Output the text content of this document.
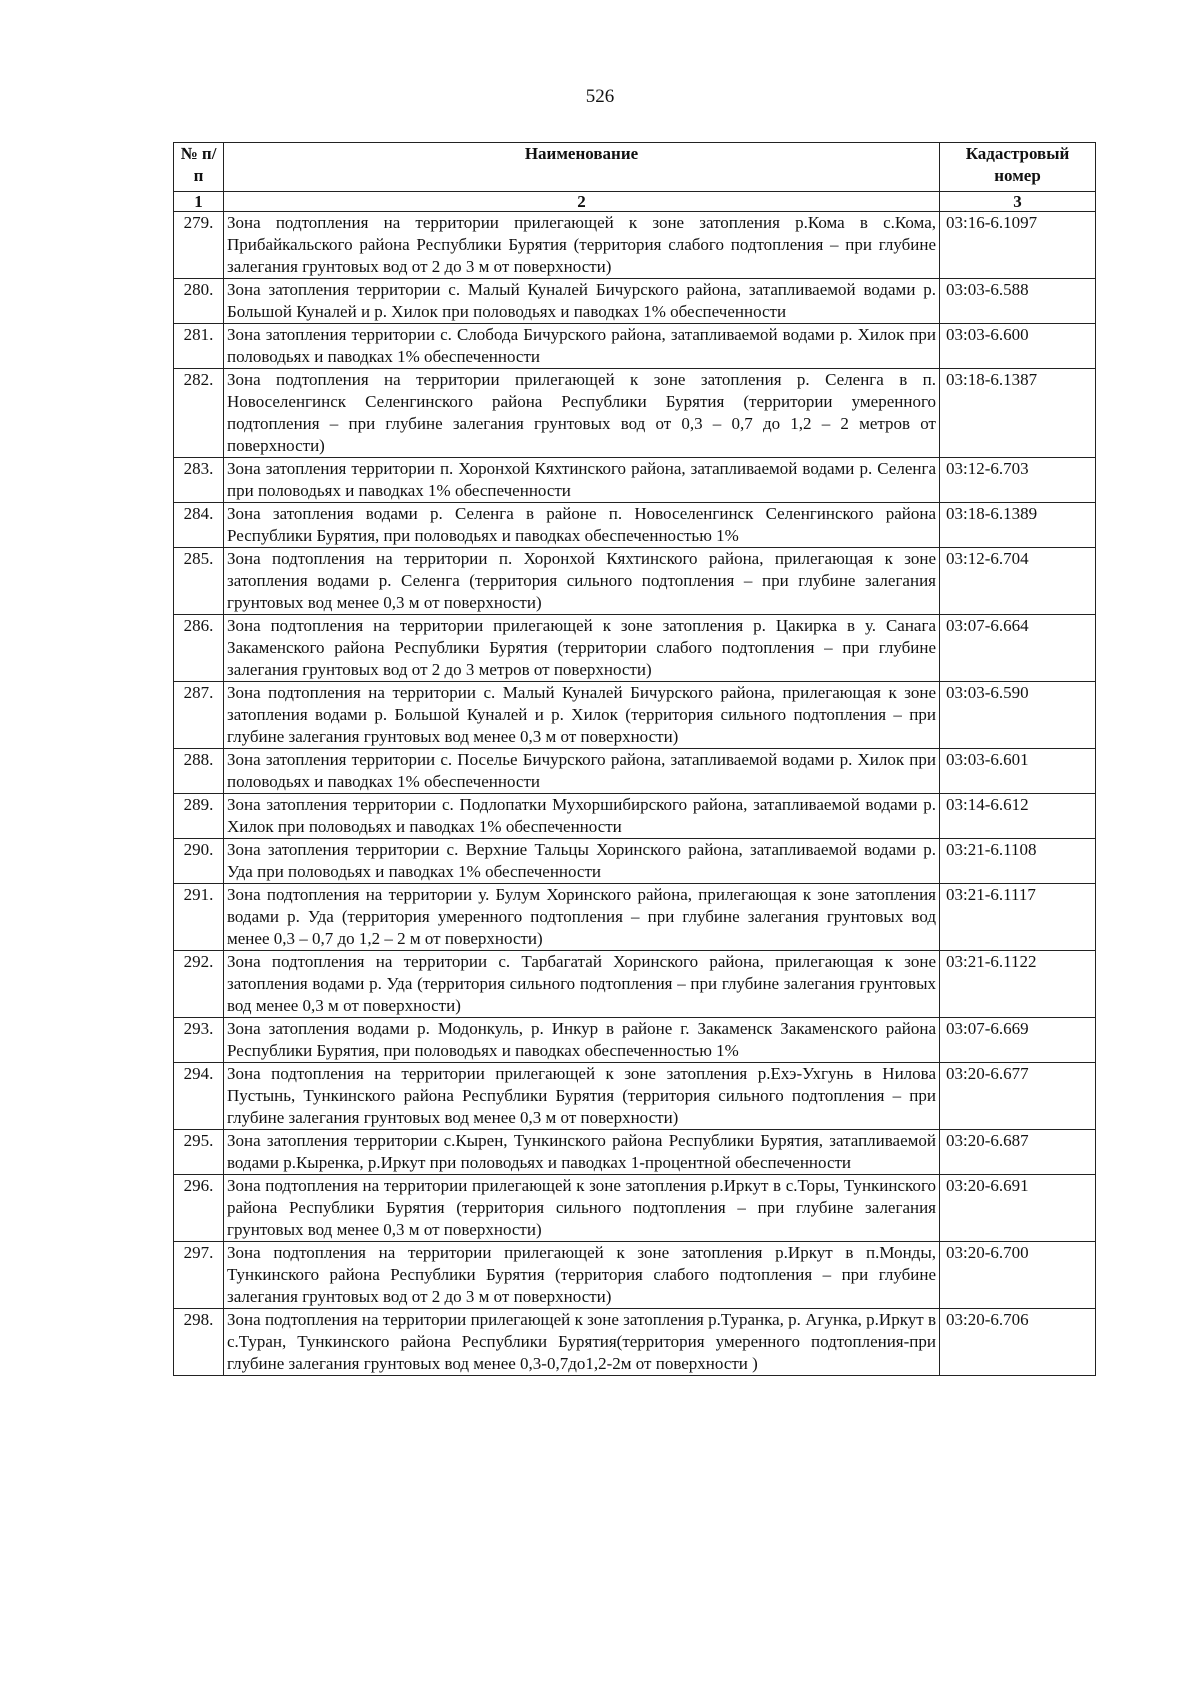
526
№ п/п	Наименование	Кадастровый номер
1	2	3
279.	Зона подтопления на территории прилегающей к зоне затопления р.Кома в с.Кома, Прибайкальского района Республики Бурятия (территория слабого подтопления – при глубине залегания грунтовых вод от 2 до 3 м от поверхности)	03:16-6.1097
280.	Зона затопления территории с. Малый Куналей Бичурского района, затапливаемой водами р. Большой Куналей и р. Хилок при половодьях и паводках 1% обеспеченности	03:03-6.588
281.	Зона затопления территории с. Слобода Бичурского района, затапливаемой водами р. Хилок при половодьях и паводках 1% обеспеченности	03:03-6.600
282.	Зона подтопления на территории прилегающей к зоне затопления р. Селенга в п. Новоселенгинск Селенгинского района Республики Бурятия (территории умеренного подтопления – при глубине залегания грунтовых вод от 0,3 – 0,7 до 1,2 – 2 метров от поверхности)	03:18-6.1387
283.	Зона затопления территории п. Хоронхой Кяхтинского района, затапливаемой водами р. Селенга при половодьях и паводках 1% обеспеченности	03:12-6.703
284.	Зона затопления водами р. Селенга в районе п. Новоселенгинск Селенгинского района Республики Бурятия, при половодьях и паводках обеспеченностью 1%	03:18-6.1389
285.	Зона подтопления на территории п. Хоронхой Кяхтинского района, прилегающая к зоне затопления водами р. Селенга (территория сильного подтопления – при глубине залегания грунтовых вод менее 0,3 м от поверхности)	03:12-6.704
286.	Зона подтопления на территории прилегающей к зоне затопления р. Цакирка в у. Санага Закаменского района Республики Бурятия (территории слабого подтопления – при глубине залегания грунтовых вод от 2 до 3 метров от поверхности)	03:07-6.664
287.	Зона подтопления на территории с. Малый Куналей Бичурского района, прилегающая к зоне затопления водами р. Большой Куналей и р. Хилок (территория сильного подтопления – при глубине залегания грунтовых вод менее 0,3 м от поверхности)	03:03-6.590
288.	Зона затопления территории с. Поселье Бичурского района, затапливаемой водами р. Хилок при половодьях и паводках 1% обеспеченности	03:03-6.601
289.	Зона затопления территории с. Подлопатки Мухоршибирского района, затапливаемой водами р. Хилок при половодьях и паводках 1% обеспеченности	03:14-6.612
290.	Зона затопления территории с. Верхние Тальцы Хоринского района, затапливаемой водами р. Уда при половодьях и паводках 1% обеспеченности	03:21-6.1108
291.	Зона подтопления на территории у. Булум Хоринского района, прилегающая к зоне затопления водами р. Уда (территория умеренного подтопления – при глубине залегания грунтовых вод менее 0,3 – 0,7 до 1,2 – 2 м от поверхности)	03:21-6.1117
292.	Зона подтопления на территории с. Тарбагатай Хоринского района, прилегающая к зоне затопления водами р. Уда (территория сильного подтопления – при глубине залегания грунтовых вод менее 0,3 м от поверхности)	03:21-6.1122
293.	Зона затопления водами р. Модонкуль, р. Инкур в районе г. Закаменск Закаменского района Республики Бурятия, при половодьях и паводках обеспеченностью 1%	03:07-6.669
294.	Зона подтопления на территории прилегающей к зоне затопления р.Ехэ-Ухгунь в Нилова Пустынь, Тункинского района Республики Бурятия (территория сильного подтопления – при глубине залегания грунтовых вод менее 0,3 м от поверхности)	03:20-6.677
295.	Зона затопления территории с.Кырен, Тункинского района Республики Бурятия, затапливаемой водами р.Кыренка, р.Иркут при половодьях и паводках 1-процентной обеспеченности	03:20-6.687
296.	Зона подтопления на территории прилегающей к зоне затопления р.Иркут в с.Торы, Тункинского района Республики Бурятия (территория сильного подтопления – при глубине залегания грунтовых вод менее 0,3 м от поверхности)	03:20-6.691
297.	Зона подтопления на территории прилегающей к зоне затопления р.Иркут в п.Монды, Тункинского района Республики Бурятия (территория слабого подтопления – при глубине залегания грунтовых вод от 2 до 3 м от поверхности)	03:20-6.700
298.	Зона подтопления на территории прилегающей к зоне затопления р.Туранка, р. Агунка, р.Иркут в с.Туран, Тункинского района Республики Бурятия(территория умеренного подтопления-при глубине залегания грунтовых вод менее 0,3-0,7до1,2-2м от поверхности )	03:20-6.706
